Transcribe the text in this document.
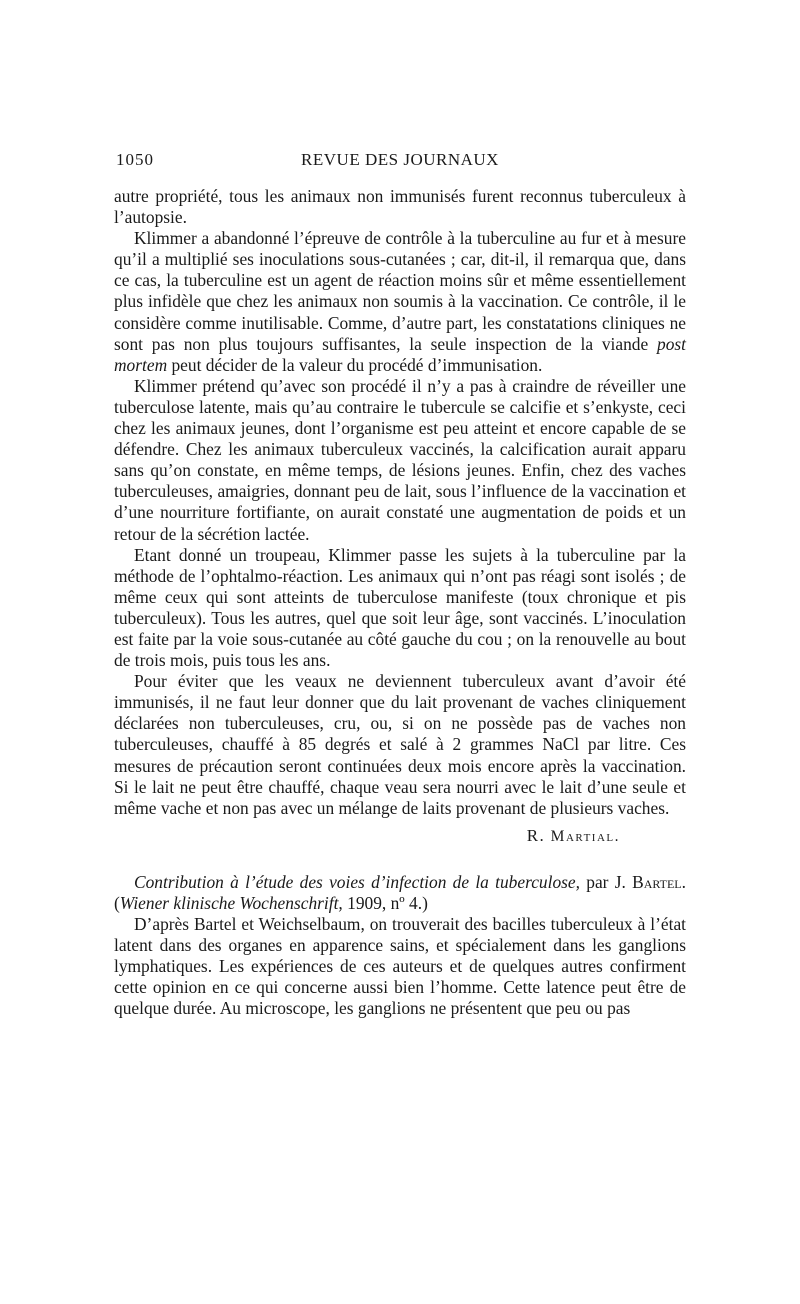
1050	REVUE DES JOURNAUX

autre propriété, tous les animaux non immunisés furent reconnus tuberculeux à l’autopsie.

Klimmer a abandonné l’épreuve de contrôle à la tuberculine au fur et à mesure qu’il a multiplié ses inoculations sous-cutanées ; car, dit-il, il remarqua que, dans ce cas, la tuberculine est un agent de réaction moins sûr et même essentiellement plus infidèle que chez les animaux non soumis à la vaccination. Ce contrôle, il le considère comme inutilisable. Comme, d’autre part, les constatations cliniques ne sont pas non plus toujours suffisantes, la seule inspection de la viande post mortem peut décider de la valeur du procédé d’immunisation.

Klimmer prétend qu’avec son procédé il n’y a pas à craindre de réveiller une tuberculose latente, mais qu’au contraire le tubercule se calcifie et s’enkyste, ceci chez les animaux jeunes, dont l’organisme est peu atteint et encore capable de se défendre. Chez les animaux tuberculeux vaccinés, la calcification aurait apparu sans qu’on constate, en même temps, de lésions jeunes. Enfin, chez des vaches tuberculeuses, amaigries, donnant peu de lait, sous l’influence de la vaccination et d’une nourriture fortifiante, on aurait constaté une augmentation de poids et un retour de la sécrétion lactée.

Etant donné un troupeau, Klimmer passe les sujets à la tuberculine par la méthode de l’ophtalmo-réaction. Les animaux qui n’ont pas réagi sont isolés ; de même ceux qui sont atteints de tuberculose manifeste (toux chronique et pis tuberculeux). Tous les autres, quel que soit leur âge, sont vaccinés. L’inoculation est faite par la voie sous-cutanée au côté gauche du cou ; on la renouvelle au bout de trois mois, puis tous les ans.

Pour éviter que les veaux ne deviennent tuberculeux avant d’avoir été immunisés, il ne faut leur donner que du lait provenant de vaches cliniquement déclarées non tuberculeuses, cru, ou, si on ne possède pas de vaches non tuberculeuses, chauffé à 85 degrés et salé à 2 grammes NaCl par litre. Ces mesures de précaution seront continuées deux mois encore après la vaccination. Si le lait ne peut être chauffé, chaque veau sera nourri avec le lait d’une seule et même vache et non pas avec un mélange de laits provenant de plusieurs vaches.

R. Martial.

Contribution à l’étude des voies d’infection de la tuberculose, par J. Bartel. (Wiener klinische Wochenschrift, 1909, nº 4.)

D’après Bartel et Weichselbaum, on trouverait des bacilles tuberculeux à l’état latent dans des organes en apparence sains, et spécialement dans les ganglions lymphatiques. Les expériences de ces auteurs et de quelques autres confirment cette opinion en ce qui concerne aussi bien l’homme. Cette latence peut être de quelque durée. Au microscope, les ganglions ne présentent que peu ou pas
